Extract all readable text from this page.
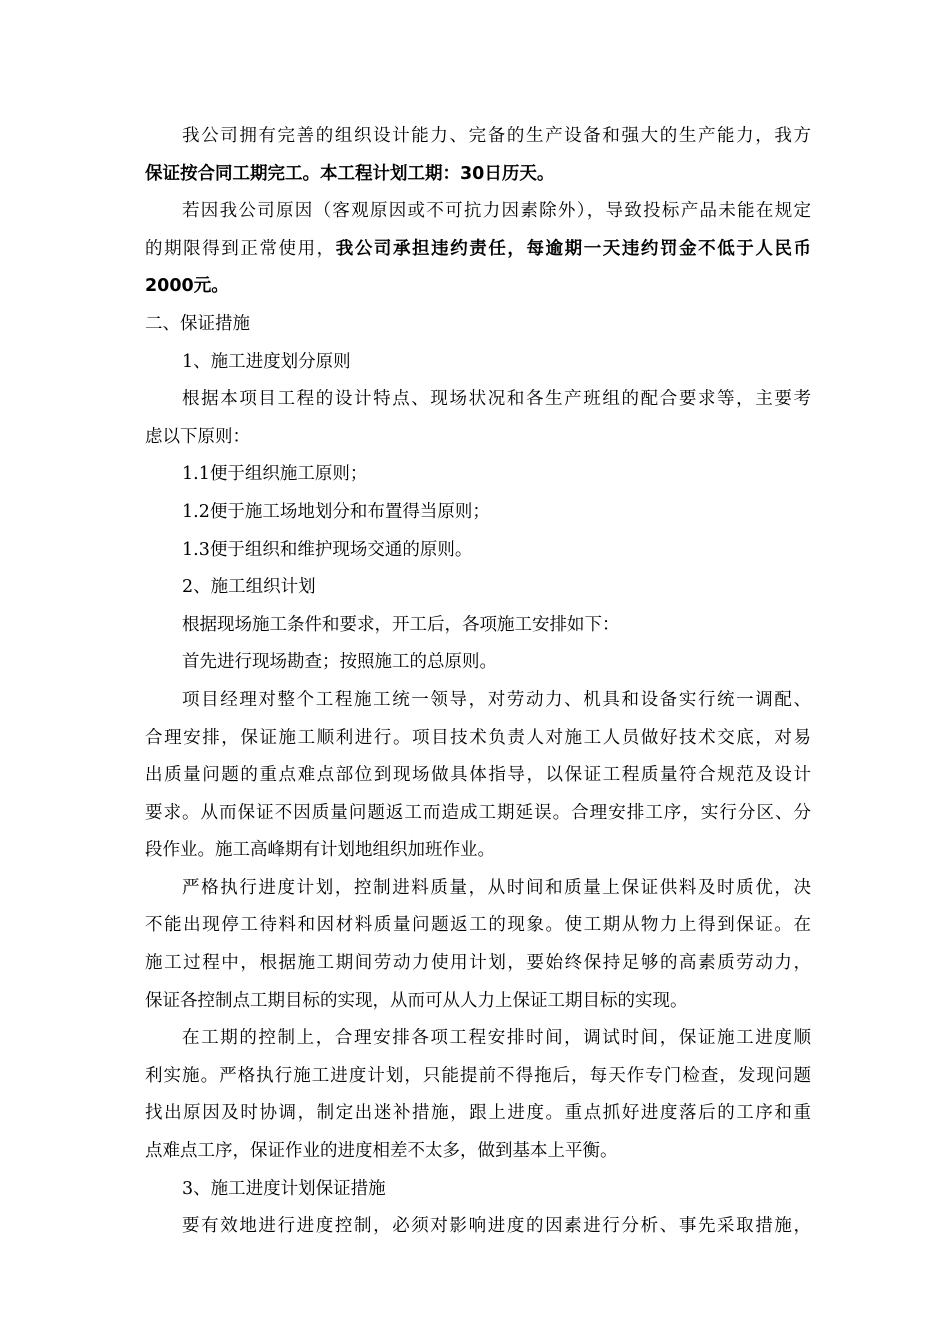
我公司拥有完善的组织设计能力、完备的生产设备和强大的生产能力，我方
保证按合同工期完工。本工程计划工期：30日历天。
若因我公司原因（客观原因或不可抗力因素除外），导致投标产品未能在规定
的期限得到正常使用，我公司承担违约责任，每逾期一天违约罚金不低于人民币
2000元。
二、保证措施
1、施工进度划分原则
根据本项目工程的设计特点、现场状况和各生产班组的配合要求等，主要考
虑以下原则：
1.1便于组织施工原则；
1.2便于施工场地划分和布置得当原则；
1.3便于组织和维护现场交通的原则。
2、施工组织计划
根据现场施工条件和要求，开工后，各项施工安排如下：
首先进行现场勘查；按照施工的总原则。
项目经理对整个工程施工统一领导，对劳动力、机具和设备实行统一调配、
合理安排，保证施工顺利进行。项目技术负责人对施工人员做好技术交底，对易
出质量问题的重点难点部位到现场做具体指导，以保证工程质量符合规范及设计
要求。从而保证不因质量问题返工而造成工期延误。合理安排工序，实行分区、分
段作业。施工高峰期有计划地组织加班作业。
严格执行进度计划，控制进料质量，从时间和质量上保证供料及时质优，决
不能出现停工待料和因材料质量问题返工的现象。使工期从物力上得到保证。在
施工过程中，根据施工期间劳动力使用计划，要始终保持足够的高素质劳动力，
保证各控制点工期目标的实现，从而可从人力上保证工期目标的实现。
在工期的控制上，合理安排各项工程安排时间，调试时间，保证施工进度顺
利实施。严格执行施工进度计划，只能提前不得拖后，每天作专门检查，发现问题
找出原因及时协调，制定出迷补措施，跟上进度。重点抓好进度落后的工序和重
点难点工序，保证作业的进度相差不太多，做到基本上平衡。
3、施工进度计划保证措施
要有效地进行进度控制，必须对影响进度的因素进行分析、事先采取措施，
